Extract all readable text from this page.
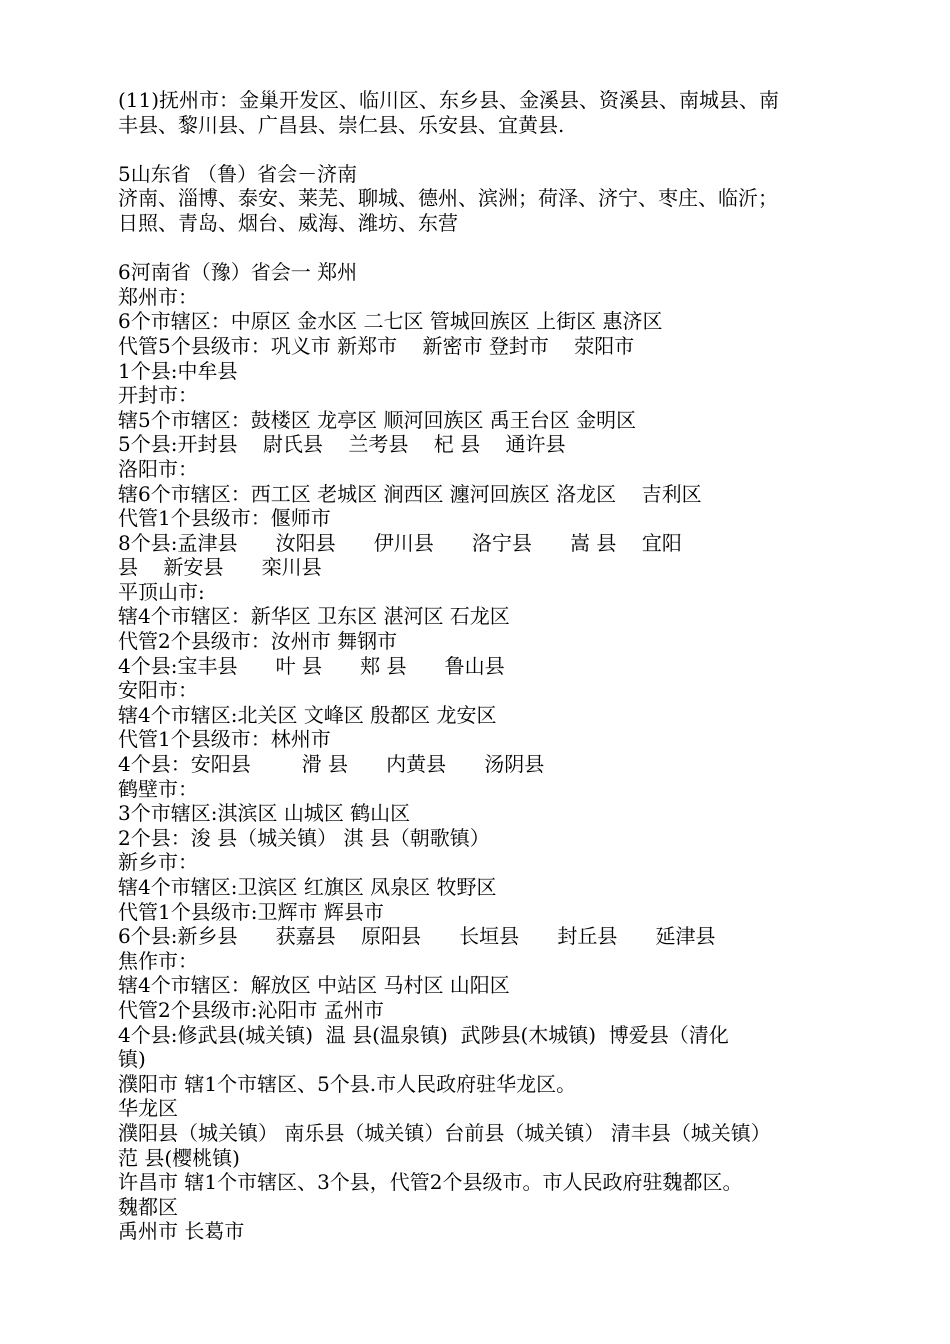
(11)抚州市：金巢开发区、临川区、东乡县、金溪县、资溪县、南城县、南
丰县、黎川县、广昌县、崇仁县、乐安县、宜黄县.
5山东省 （鲁）省会－济南
济南、淄博、泰安、莱芜、聊城、德州、滨洲；荷泽、济宁、枣庄、临沂；
日照、青岛、烟台、威海、潍坊、东营
6河南省（豫）省会一 郑州
郑州市：
6个市辖区：中原区 金水区 二七区 管城回族区 上街区 惠济区
代管5个县级市：巩义市 新郑市    新密市 登封市    荥阳市
1个县:中牟县
开封市：
辖5个市辖区：鼓楼区 龙亭区 顺河回族区 禹王台区 金明区
5个县:开封县    尉氏县    兰考县    杞 县    通许县
洛阳市：
辖6个市辖区：西工区 老城区 涧西区 瀍河回族区 洛龙区    吉利区
代管1个县级市：偃师市
8个县:孟津县      汝阳县      伊川县      洛宁县      嵩 县    宜阳
县    新安县      栾川县
平顶山市:
辖4个市辖区：新华区 卫东区 湛河区 石龙区
代管2个县级市：汝州市 舞钢市
4个县:宝丰县      叶 县      郏 县      鲁山县
安阳市：
辖4个市辖区:北关区 文峰区 殷都区 龙安区
代管1个县级市：林州市
4个县：安阳县        滑 县      内黄县      汤阴县
鹤壁市：
3个市辖区:淇滨区 山城区 鹤山区
2个县：浚 县（城关镇） 淇 县（朝歌镇）
新乡市：
辖4个市辖区:卫滨区 红旗区 凤泉区 牧野区
代管1个县级市:卫辉市 辉县市
6个县:新乡县      获嘉县    原阳县      长垣县      封丘县      延津县
焦作市：
辖4个市辖区：解放区 中站区 马村区 山阳区
代管2个县级市:沁阳市 孟州市
4个县:修武县(城关镇)  温 县(温泉镇)  武陟县(木城镇)  博爱县（清化
镇)
濮阳市 辖1个市辖区、5个县.市人民政府驻华龙区。
华龙区
濮阳县（城关镇） 南乐县（城关镇）台前县（城关镇） 清丰县（城关镇）
范 县(樱桃镇)
许昌市 辖1个市辖区、3个县，代管2个县级市。市人民政府驻魏都区。
魏都区
禹州市 长葛市
